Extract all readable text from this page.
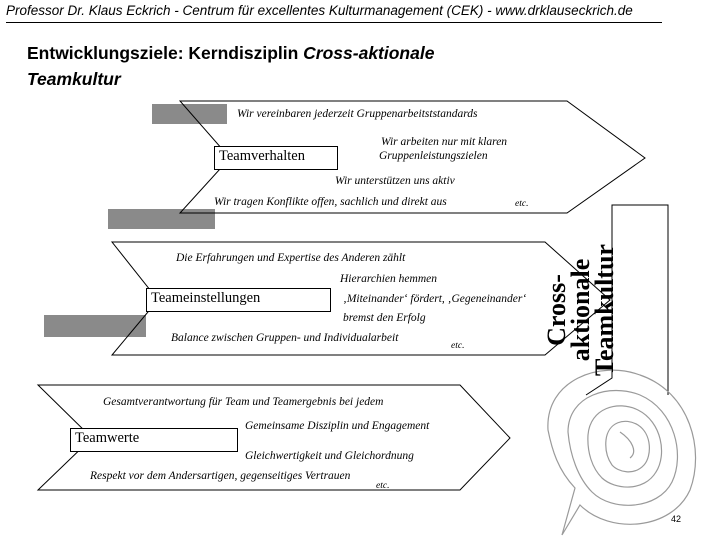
Professor Dr. Klaus Eckrich - Centrum für excellentes Kulturmanagement (CEK) - www.drklauseckrich.de
Entwicklungsziele: Kerndisziplin Cross-aktionale
Teamkultur
Wir vereinbaren jederzeit Gruppenarbeitststandards
Wir arbeiten nur mit klaren
Gruppenleistungszielen
Teamverhalten
Wir unterstützen uns aktiv
Wir tragen Konflikte offen, sachlich und direkt aus	etc.
Die Erfahrungen und Expertise des Anderen zählt
Hierarchien hemmen
Teameinstellungen	‚Miteinander‘ fördert, ‚Gegeneinander‘
bremst den Erfolg
Balance zwischen Gruppen- und Individualarbeit
etc.
Gesamtverantwortung für Team und Teamergebnis bei jedem
Teamwerte
Gemeinsame Disziplin und Engagement
Gleichwertigkeit und Gleichordnung
Respekt vor dem Andersartigen, gegenseitiges Vertrauen
etc.
Cross-aktionale
Teamkultur
42
